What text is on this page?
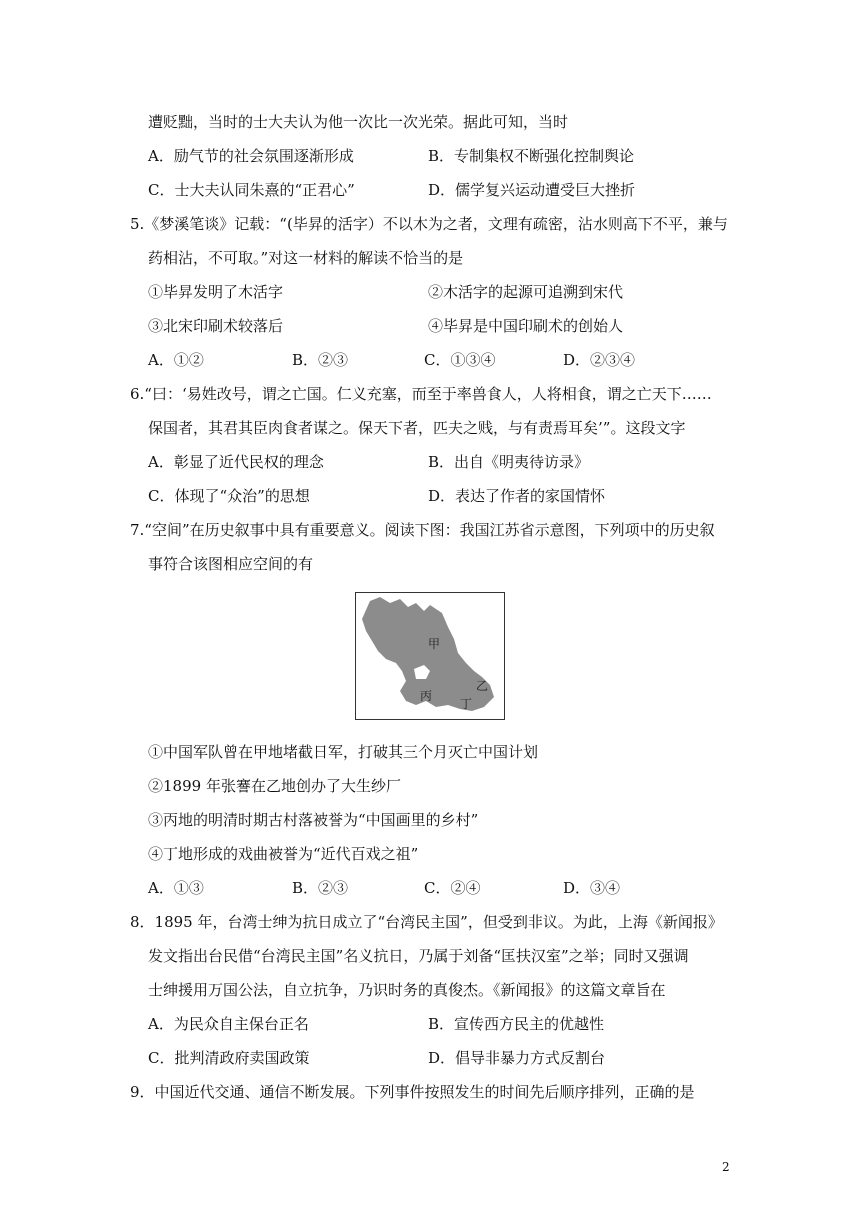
遭贬黜，当时的士大夫认为他一次比一次光荣。据此可知，当时
A．励气节的社会氛围逐渐形成	B．专制集权不断强化控制舆论
C．士大夫认同朱熹的“正君心”	D．儒学复兴运动遭受巨大挫折
5.《梦溪笔谈》记载：“(毕昇的活字）不以木为之者，文理有疏密，沾水则高下不平，兼与
药相沾，不可取。”对这一材料的解读不恰当的是
①毕昇发明了木活字	②木活字的起源可追溯到宋代
③北宋印刷术较落后	④毕昇是中国印刷术的创始人
A．①②	B．②③	C．①③④	D．②③④
6.“曰：‘易姓改号，谓之亡国。仁义充塞，而至于率兽食人，人将相食，谓之亡天下……
保国者，其君其臣肉食者谋之。保天下者，匹夫之贱，与有责焉耳矣’”。这段文字
A．彰显了近代民权的理念	B．出自《明夷待访录》
C．体现了“众治”的思想	D．表达了作者的家国情怀
7.“空间”在历史叙事中具有重要意义。阅读下图：我国江苏省示意图，下列项中的历史叙
事符合该图相应空间的有
甲
乙
丙
丁
①中国军队曾在甲地堵截日军，打破其三个月灭亡中国计划
②1899 年张謇在乙地创办了大生纱厂
③丙地的明清时期古村落被誉为“中国画里的乡村”
④丁地形成的戏曲被誉为“近代百戏之祖”
A．①③	B．②③	C．②④	D．③④
8．1895 年，台湾士绅为抗日成立了“台湾民主国”，但受到非议。为此，上海《新闻报》
发文指出台民借“台湾民主国”名义抗日，乃属于刘备“匡扶汉室”之举；同时又强调
士绅援用万国公法，自立抗争，乃识时务的真俊杰。《新闻报》的这篇文章旨在
A．为民众自主保台正名	B．宣传西方民主的优越性
C．批判清政府卖国政策	D．倡导非暴力方式反割台
9．中国近代交通、通信不断发展。下列事件按照发生的时间先后顺序排列，正确的是
2
